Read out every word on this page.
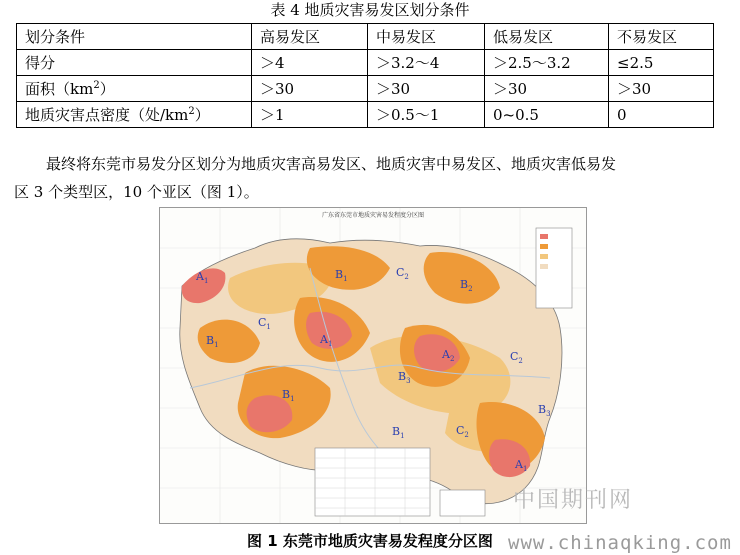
表 4 地质灾害易发区划分条件
划分条件	高易发区	中易发区	低易发区	不易发区
得分	＞4	＞3.2～4	＞2.5～3.2	≤2.5
面积$(km^2)$	＞30	＞30	＞30	＞30
地质灾害点密度（处$/km^2$）	＞1	＞0.5～1	0~0.5	0
最终将东莞市易发分区划分为地质灾害高易发区、地质灾害中易发区、地质灾害低易发
区 3 个类型区，10 个亚区（图 1）。
广东省东莞市地质灾害易发程度分区图
$A_1$
$A_1$
$A_2$
$A_1$
$B_1$	$B_2$
$B_1$
$B_1$
$B_3$
$B_3$
$C_1$
$C_2$
$C_2$
$C_2$
$B_1$
中国期刊网
图 1 东莞市地质灾害易发程度分区图 www.chinaqking.com
